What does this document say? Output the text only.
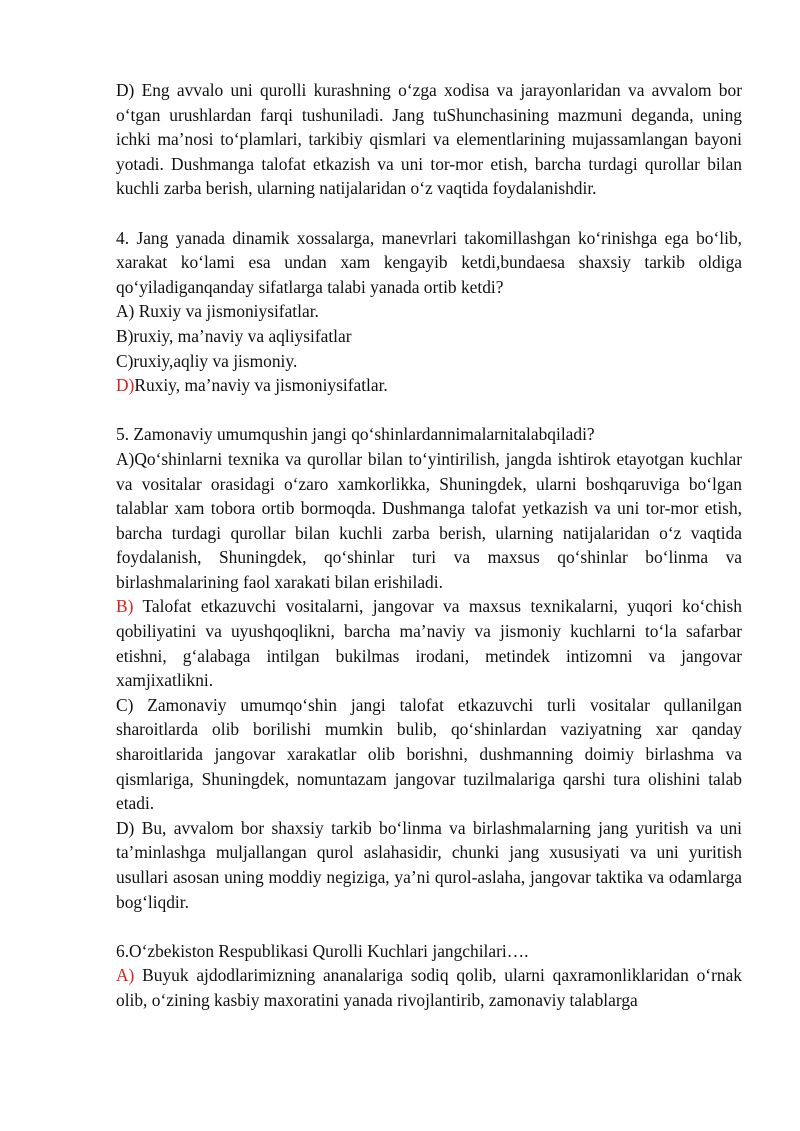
D) Eng avvalo uni qurolli kurashning o‘zga xodisa va jarayonlaridan va avvalom bor o‘tgan urushlardan farqi tushuniladi. Jang tuShunchasining mazmuni deganda, uning ichki ma’nosi to‘plamlari, tarkibiy qismlari va elementlarining mujassamlangan bayoni yotadi. Dushmanga talofat etkazish va uni tor-mor etish, barcha turdagi qurollar bilan kuchli zarba berish, ularning natijalaridan o‘z vaqtida foydalanishdir.

4. Jang yanada dinamik xossalarga, manevrlari takomillashgan ko‘rinishga ega bo‘lib, xarakat ko‘lami esa undan xam kengayib ketdi,bundaesa shaxsiy tarkib oldiga qo‘yiladiganqanday sifatlarga talabi yanada ortib ketdi?

A) Ruxiy va jismoniysifatlar.

B)ruxiy, ma’naviy va aqliysifatlar

C)ruxiy,aqliy va jismoniy.

D)Ruxiy, ma’naviy va jismoniysifatlar.

5. Zamonaviy umumqushin jangi qo‘shinlardannimalarnitalabqiladi?

A)Qo‘shinlarni texnika va qurollar bilan to‘yintirilish, jangda ishtirok etayotgan kuchlar va vositalar orasidagi o‘zaro xamkorlikka, Shuningdek, ularni boshqaruviga bo‘lgan talablar xam tobora ortib bormoqda. Dushmanga talofat yetkazish va uni tor-mor etish, barcha turdagi qurollar bilan kuchli zarba berish, ularning natijalaridan o‘z vaqtida foydalanish, Shuningdek, qo‘shinlar turi va maxsus qo‘shinlar bo‘linma va birlashmalarining faol xarakati bilan erishiladi.

B) Talofat etkazuvchi vositalarni, jangovar va maxsus texnikalarni, yuqori ko‘chish qobiliyatini va uyushqoqlikni, barcha ma’naviy va jismoniy kuchlarni to‘la safarbar etishni, g‘alabaga intilgan bukilmas irodani, metindek intizomni va jangovar xamjixatlikni.

C) Zamonaviy umumqo‘shin jangi talofat etkazuvchi turli vositalar qullanilgan sharoitlarda olib borilishi mumkin bulib, qo‘shinlardan vaziyatning xar qanday sharoitlarida jangovar xarakatlar olib borishni, dushmanning doimiy birlashma va qismlariga, Shuningdek, nomuntazam jangovar tuzilmalariga qarshi tura olishini talab etadi.

D) Bu, avvalom bor shaxsiy tarkib bo‘linma va birlashmalarning jang yuritish va uni ta’minlashga muljallangan qurol aslahasidir, chunki jang xususiyati va uni yuritish usullari asosan uning moddiy negiziga, ya’ni qurol-aslaha, jangovar taktika va odamlarga bog‘liqdir.

6.O‘zbekiston Respublikasi Qurolli Kuchlari jangchilari….

A) Buyuk ajdodlarimizning ananalariga sodiq qolib, ularni qaxramonliklaridan o‘rnak olib, o‘zining kasbiy maxoratini yanada rivojlantirib, zamonaviy talablarga
